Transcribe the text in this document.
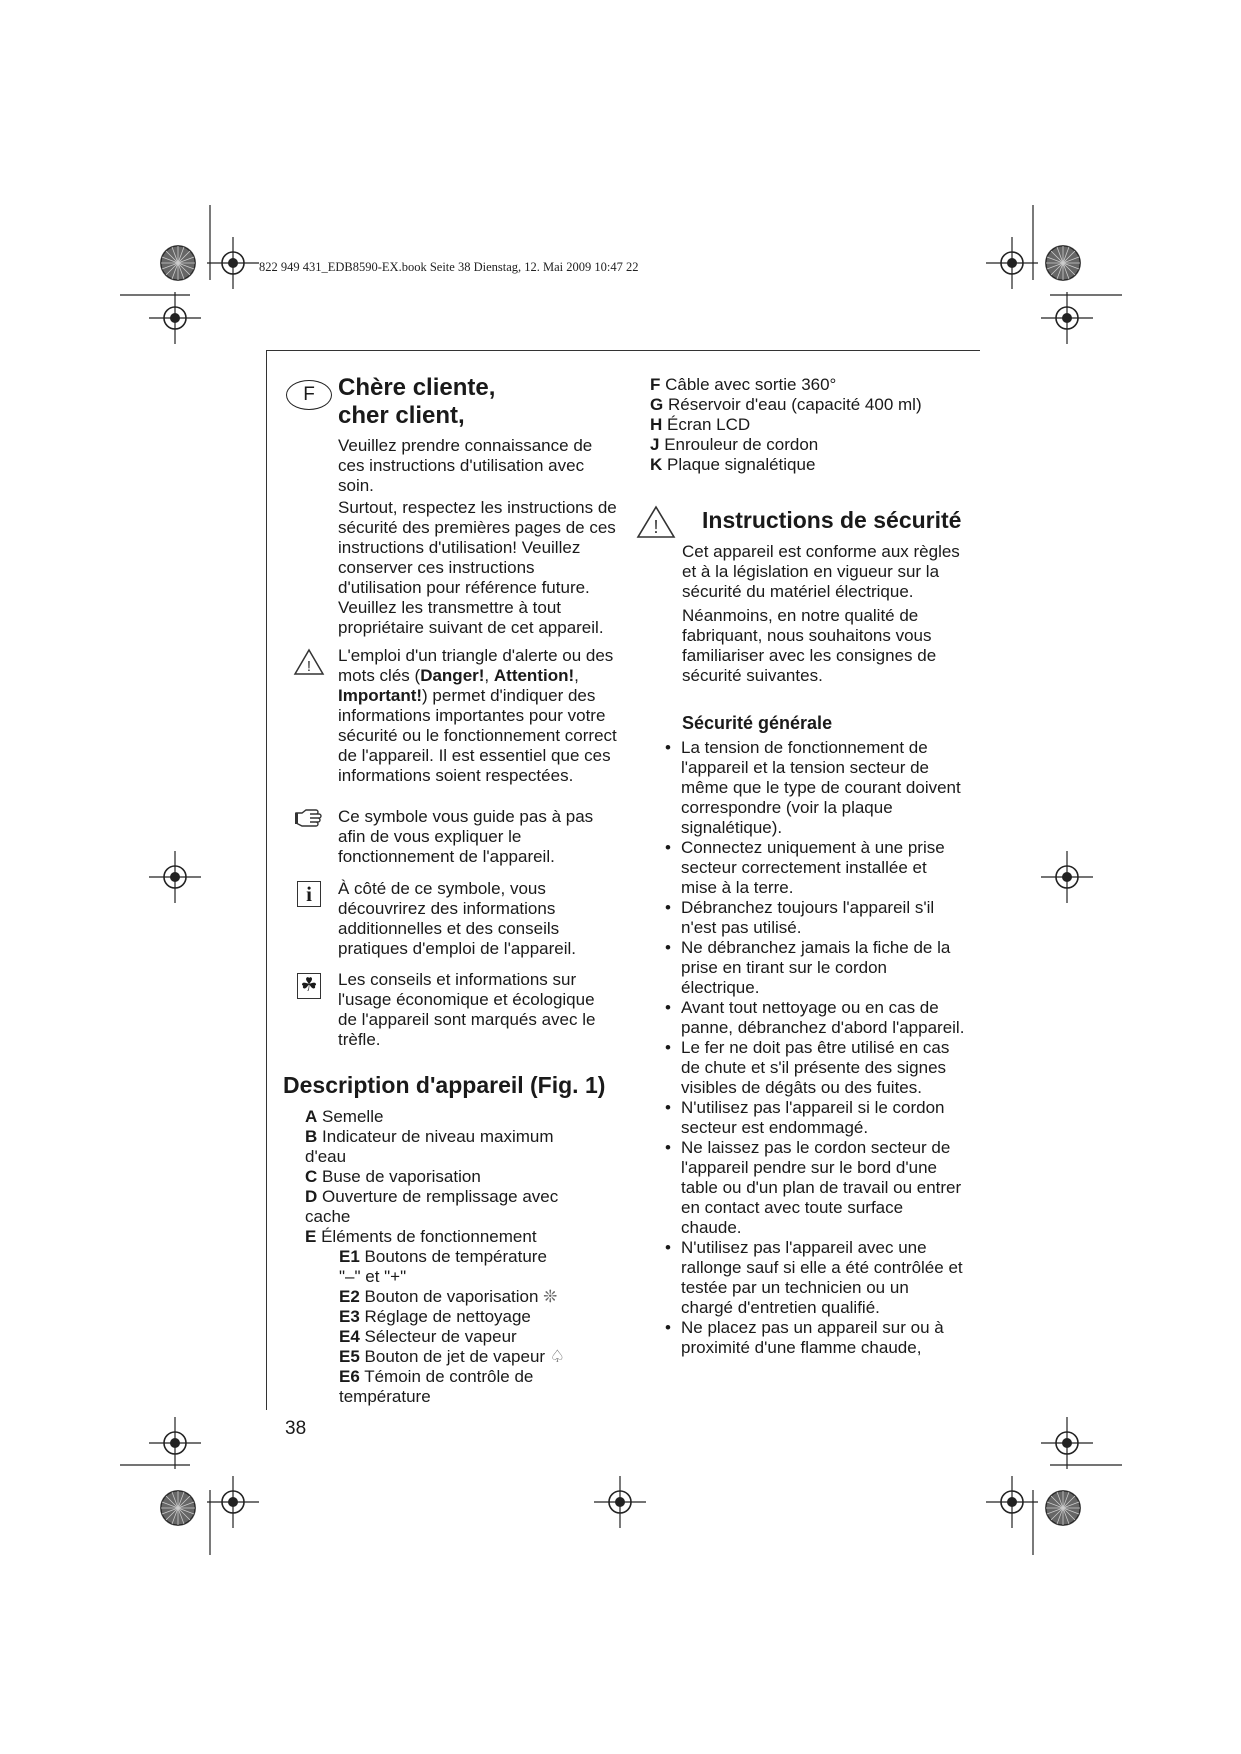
822 949 431_EDB8590-EX.book Seite 38 Dienstag, 12. Mai 2009 10:47 22
F Chère cliente,
cher client,

Veuillez prendre connaissance de ces instructions d'utilisation avec soin.

Surtout, respectez les instructions de sécurité des premières pages de ces instructions d'utilisation! Veuillez conserver ces instructions d'utilisation pour référence future. Veuillez les transmettre à tout propriétaire suivant de cet appareil.

!

L'emploi d'un triangle d'alerte ou des mots clés (Danger!, Attention!, Important!) permet d'indiquer des informations importantes pour votre sécurité ou le fonctionnement correct de l'appareil. Il est essentiel que ces informations soient respectées.

Ce symbole vous guide pas à pas afin de vous expliquer le fonctionnement de l'appareil.
i	À côté de ce symbole, vous découvrirez des informations additionnelles et des conseils pratiques d'emploi de l'appareil.
☘ Les conseils et informations sur l'usage économique et écologique de l'appareil sont marqués avec le trèfle.
Description d'appareil (Fig. 1)
A Semelle
B Indicateur de niveau maximum d'eau
C Buse de vaporisation
D Ouverture de remplissage avec cache
E Éléments de fonctionnement
E1 Boutons de température "–" et "+"
E2 Bouton de vaporisation ❊
E3 Réglage de nettoyage
E4 Sélecteur de vapeur
E5 Bouton de jet de vapeur ♤
E6 Témoin de contrôle de température
38
F Câble avec sortie 360°
G Réservoir d'eau (capacité 400 ml)
H Écran LCD
J Enrouleur de cordon
K Plaque signalétique
! Instructions de sécurité

Cet appareil est conforme aux règles et à la législation en vigueur sur la sécurité du matériel électrique.

Néanmoins, en notre qualité de fabriquant, nous souhaitons vous familiariser avec les consignes de sécurité suivantes.

Sécurité générale
• La tension de fonctionnement de l'appareil et la tension secteur de même que le type de courant doivent correspondre (voir la plaque signalétique).
• Connectez uniquement à une prise secteur correctement installée et mise à la terre.
• Débranchez toujours l'appareil s'il n'est pas utilisé.
• Ne débranchez jamais la fiche de la prise en tirant sur le cordon électrique.
• Avant tout nettoyage ou en cas de panne, débranchez d'abord l'appareil.
• Le fer ne doit pas être utilisé en cas de chute et s'il présente des signes visibles de dégâts ou des fuites.
• N'utilisez pas l'appareil si le cordon secteur est endommagé.
• Ne laissez pas le cordon secteur de l'appareil pendre sur le bord d'une table ou d'un plan de travail ou entrer en contact avec toute surface chaude.
• N'utilisez pas l'appareil avec une rallonge sauf si elle a été contrôlée et testée par un technicien ou un chargé d'entretien qualifié.
• Ne placez pas un appareil sur ou à proximité d'une flamme chaude,
